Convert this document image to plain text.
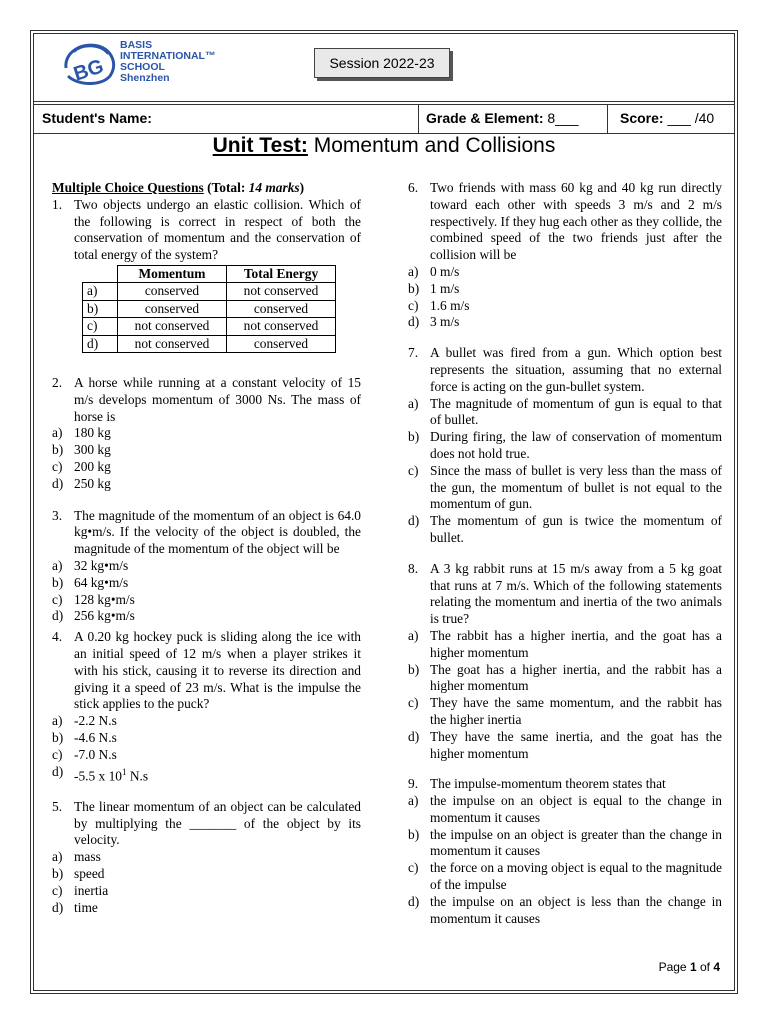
BG
BASIS
INTERNATIONAL™
SCHOOL
Shenzhen
Session 2022-23
Student's Name:	Grade & Element: 8___	Score: ___ /40
Unit Test: Momentum and Collisions

Multiple Choice Questions (Total: 14 marks)

1. Two objects undergo an elastic collision. Which of the following is correct in respect of both the conservation of momentum and the conservation of total energy of the system?
	Momentum	Total Energy
a)	conserved	not conserved
b)	conserved	conserved
c)	not conserved	not conserved
d)	not conserved	conserved
2. A horse while running at a constant velocity of 15 m/s develops momentum of 3000 Ns. The mass of horse is
a) 180 kg
b) 300 kg
c) 200 kg
d) 250 kg
3. The magnitude of the momentum of an object is 64.0 kg•m/s. If the velocity of the object is doubled, the magnitude of the momentum of the object will be
a) 32 kg•m/s
b) 64 kg•m/s
c) 128 kg•m/s
d) 256 kg•m/s
4. A 0.20 kg hockey puck is sliding along the ice with an initial speed of 12 m/s when a player strikes it with his stick, causing it to reverse its direction and giving it a speed of 23 m/s. What is the impulse the stick applies to the puck?
a) -2.2 N.s
b) -4.6 N.s
c) -7.0 N.s
d) -5.5 x $10^1$ N.s
5. The linear momentum of an object can be calculated by multiplying the _______ of the object by its velocity.
a) mass
b) speed
c) inertia
d) time
6. Two friends with mass 60 kg and 40 kg run directly toward each other with speeds 3 m/s and 2 m/s respectively. If they hug each other as they collide, the combined speed of the two friends just after the collision will be
a) 0 m/s
b) 1 m/s
c) 1.6 m/s
d) 3 m/s
7. A bullet was fired from a gun. Which option best represents the situation, assuming that no external force is acting on the gun-bullet system.
a) The magnitude of momentum of gun is equal to that of bullet.
b) During firing, the law of conservation of momentum does not hold true.
c) Since the mass of bullet is very less than the mass of the gun, the momentum of bullet is not equal to the momentum of gun.
d) The momentum of gun is twice the momentum of bullet.
8. A 3 kg rabbit runs at 15 m/s away from a 5 kg goat that runs at 7 m/s. Which of the following statements relating the momentum and inertia of the two animals is true?
a) The rabbit has a higher inertia, and the goat has a higher momentum
b) The goat has a higher inertia, and the rabbit has a higher momentum
c) They have the same momentum, and the rabbit has the higher inertia
d) They have the same inertia, and the goat has the higher momentum
9. The impulse-momentum theorem states that
a) the impulse on an object is equal to the change in momentum it causes
b) the impulse on an object is greater than the change in momentum it causes
c) the force on a moving object is equal to the magnitude of the impulse
d) the impulse on an object is less than the change in momentum it causes
Page 1 of 4
